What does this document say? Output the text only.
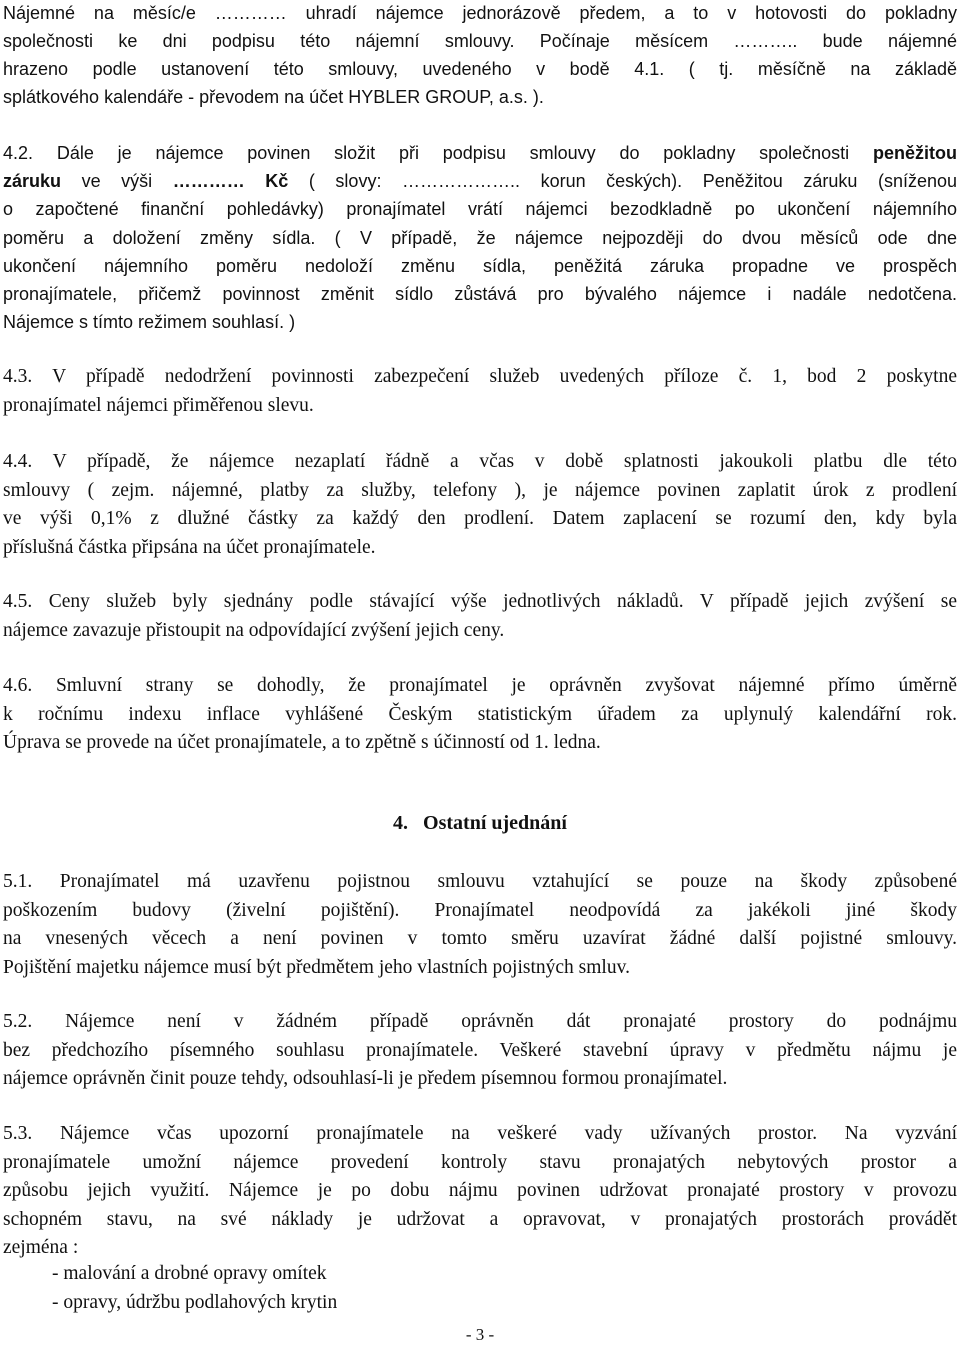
Nájemné na měsíc/e ………… uhradí nájemce jednorázově předem, a to v hotovosti do pokladny
společnosti ke dni podpisu této nájemní smlouvy. Počínaje měsícem ……….. bude nájemné
hrazeno podle ustanovení této smlouvy, uvedeného v bodě 4.1. ( tj. měsíčně na základě
splátkového kalendáře - převodem na účet HYBLER GROUP, a.s. ).

4.2. Dále je nájemce povinen složit při podpisu smlouvy do pokladny společnosti peněžitou
záruku ve výši ………… Kč ( slovy: ……………….. korun českých). Peněžitou záruku (sníženou
o započtené finanční pohledávky) pronajímatel vrátí nájemci bezodkladně po ukončení nájemního
poměru a doložení změny sídla. ( V případě, že nájemce nejpozději do dvou měsíců ode dne
ukončení nájemního poměru nedoloží změnu sídla, peněžitá záruka propadne ve prospěch
pronajímatele, přičemž povinnost změnit sídlo zůstává pro bývalého nájemce i nadále nedotčena.
Nájemce s tímto režimem souhlasí. )

4.3. V případě nedodržení povinnosti zabezpečení služeb uvedených příloze č. 1, bod 2 poskytne
pronajímatel nájemci přiměřenou slevu.

4.4. V případě, že nájemce nezaplatí řádně a včas v době splatnosti jakoukoli platbu dle této
smlouvy ( zejm. nájemné, platby za služby, telefony ), je nájemce povinen zaplatit úrok z prodlení
ve výši 0,1% z dlužné částky za každý den prodlení. Datem zaplacení se rozumí den, kdy byla
příslušná částka připsána na účet pronajímatele.

4.5. Ceny služeb byly sjednány podle stávající výše jednotlivých nákladů. V případě jejich zvýšení se
nájemce zavazuje přistoupit na odpovídající zvýšení jejich ceny.

4.6. Smluvní strany se dohodly, že pronajímatel je oprávněn zvyšovat nájemné přímo úměrně
k ročnímu indexu inflace vyhlášené Českým statistickým úřadem za uplynulý kalendářní rok.
Úprava se provede na účet pronajímatele, a to zpětně s účinností od 1. ledna.

4.   Ostatní ujednání

5.1. Pronajímatel má uzavřenu pojistnou smlouvu vztahující se pouze na škody způsobené
poškozením budovy (živelní pojištění). Pronajímatel neodpovídá za jakékoli jiné škody
na vnesených věcech a není povinen v tomto směru uzavírat žádné další pojistné smlouvy.
Pojištění majetku nájemce musí být předmětem jeho vlastních pojistných smluv.

5.2. Nájemce není v žádném případě oprávněn dát pronajaté prostory do podnájmu
bez předchozího písemného souhlasu pronajímatele. Veškeré stavební úpravy v předmětu nájmu je
nájemce oprávněn činit pouze tehdy, odsouhlasí-li je předem písemnou formou pronajímatel.

5.3. Nájemce včas upozorní pronajímatele na veškeré vady užívaných prostor. Na vyzvání
pronajímatele umožní nájemce provedení kontroly stavu pronajatých nebytových prostor a
způsobu jejich využití. Nájemce je po dobu nájmu povinen udržovat pronajaté prostory v provozu
schopném stavu, na své náklady je udržovat a opravovat, v pronajatých prostorách provádět
zejména :

- malování a drobné opravy omítek
- opravy, údržbu podlahových krytin
- 3 -
